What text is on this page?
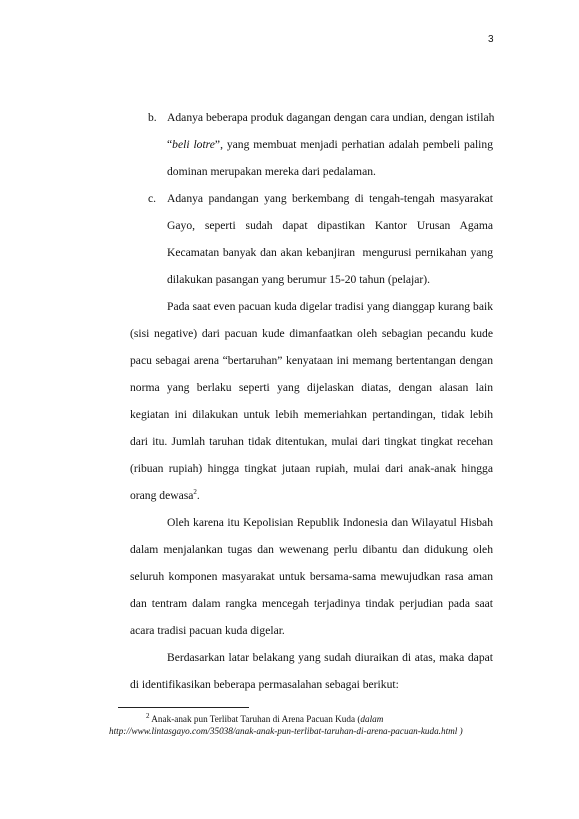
3
b. Adanya beberapa produk dagangan dengan cara undian, dengan istilah
“beli lotre”, yang membuat menjadi perhatian adalah pembeli paling
dominan merupakan mereka dari pedalaman.
c. Adanya pandangan yang berkembang di tengah-tengah masyarakat
Gayo, seperti sudah dapat dipastikan Kantor Urusan Agama
Kecamatan banyak dan akan kebanjiran  mengurusi pernikahan yang
dilakukan pasangan yang berumur 15-20 tahun (pelajar).
Pada saat even pacuan kuda digelar tradisi yang dianggap kurang baik
(sisi negative) dari pacuan kude dimanfaatkan oleh sebagian pecandu kude
pacu sebagai arena “bertaruhan” kenyataan ini memang bertentangan dengan
norma yang berlaku seperti yang dijelaskan diatas, dengan alasan lain
kegiatan ini dilakukan untuk lebih memeriahkan pertandingan, tidak lebih
dari itu. Jumlah taruhan tidak ditentukan, mulai dari tingkat tingkat recehan
(ribuan rupiah) hingga tingkat jutaan rupiah, mulai dari anak-anak hingga
orang dewasa$^2$.
Oleh karena itu Kepolisian Republik Indonesia dan Wilayatul Hisbah
dalam menjalankan tugas dan wewenang perlu dibantu dan didukung oleh
seluruh komponen masyarakat untuk bersama-sama mewujudkan rasa aman
dan tentram dalam rangka mencegah terjadinya tindak perjudian pada saat
acara tradisi pacuan kuda digelar.
Berdasarkan latar belakang yang sudah diuraikan di atas, maka dapat
di identifikasikan beberapa permasalahan sebagai berikut:
$^2$ Anak-anak pun Terlibat Taruhan di Arena Pacuan Kuda (dalam
http://www.lintasgayo.com/35038/anak-anak-pun-terlibat-taruhan-di-arena-pacuan-kuda.html )
